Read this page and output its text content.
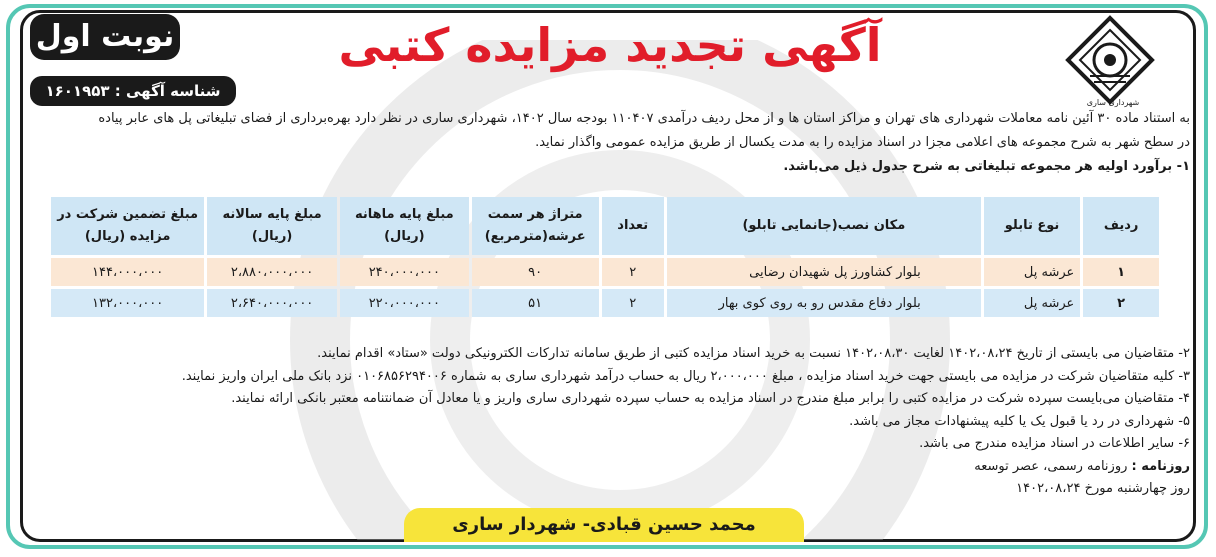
نوبت اول
شناسه آگهی : ۱۶۰۱۹۵۳
آگهی تجدید مزایده کتبی
شهرداری ساری

به استناد ماده ۳۰ آئین نامه معاملات شهرداری های تهران و مراکز استان ها و از محل ردیف درآمدی ۱۱۰۴۰۷ بودجه سال ۱۴۰۲، شهرداری ساری در نظر دارد بهره‌برداری از فضای تبلیغاتی پل های عابر پیاده

در سطح شهر به شرح مجموعه های اعلامی مجزا در اسناد مزایده را به مدت یکسال از طریق مزایده عمومی واگذار نماید.

۱- برآورد اولیه هر مجموعه تبلیغاتی به شرح جدول ذیل می‌باشد.

ردیف	نوع تابلو	مکان نصب(جانمایی تابلو)	تعداد	متراژ هر سمت عرشه(مترمربع)	مبلغ پایه ماهانه (ریال)	مبلغ پایه سالانه (ریال)	مبلغ تضمین شرکت در مزایده (ریال)
۱	عرشه پل	بلوار کشاورز پل شهیدان رضایی	۲	۹۰	۲۴۰،۰۰۰،۰۰۰	۲،۸۸۰،۰۰۰،۰۰۰	۱۴۴،۰۰۰،۰۰۰
۲	عرشه پل	بلوار دفاع مقدس رو به روی کوی بهار	۲	۵۱	۲۲۰،۰۰۰،۰۰۰	۲،۶۴۰،۰۰۰،۰۰۰	۱۳۲،۰۰۰،۰۰۰

۲- متقاضیان می بایستی از تاریخ ۱۴۰۲،۰۸،۲۴ لغایت ۱۴۰۲،۰۸،۳۰ نسبت به خرید اسناد مزایده کتبی از طریق سامانه تدارکات الکترونیکی دولت «ستاد» اقدام نمایند.

۳- کلیه متقاضیان شرکت در مزایده می بایستی جهت خرید اسناد مزایده ، مبلغ ۲،۰۰۰،۰۰۰ ریال به حساب درآمد شهرداری ساری به شماره ۰۱۰۶۸۵۶۲۹۴۰۰۶ نزد بانک ملی ایران واریز نمایند.

۴- متقاضیان می‌بایست سپرده شرکت در مزایده کتبی را برابر مبلغ مندرج در اسناد مزایده به حساب سپرده شهرداری ساری واریز و یا معادل آن ضمانتنامه معتبر بانکی ارائه نمایند.

۵- شهرداری در رد یا قبول یک یا کلیه پیشنهادات مجاز می باشد.

۶- سایر اطلاعات در اسناد مزایده مندرج می باشد.

روزنامه : روزنامه رسمی، عصر توسعه

روز چهارشنبه مورخ ۱۴۰۲،۰۸،۲۴

محمد حسین قبادی- شهردار ساری
